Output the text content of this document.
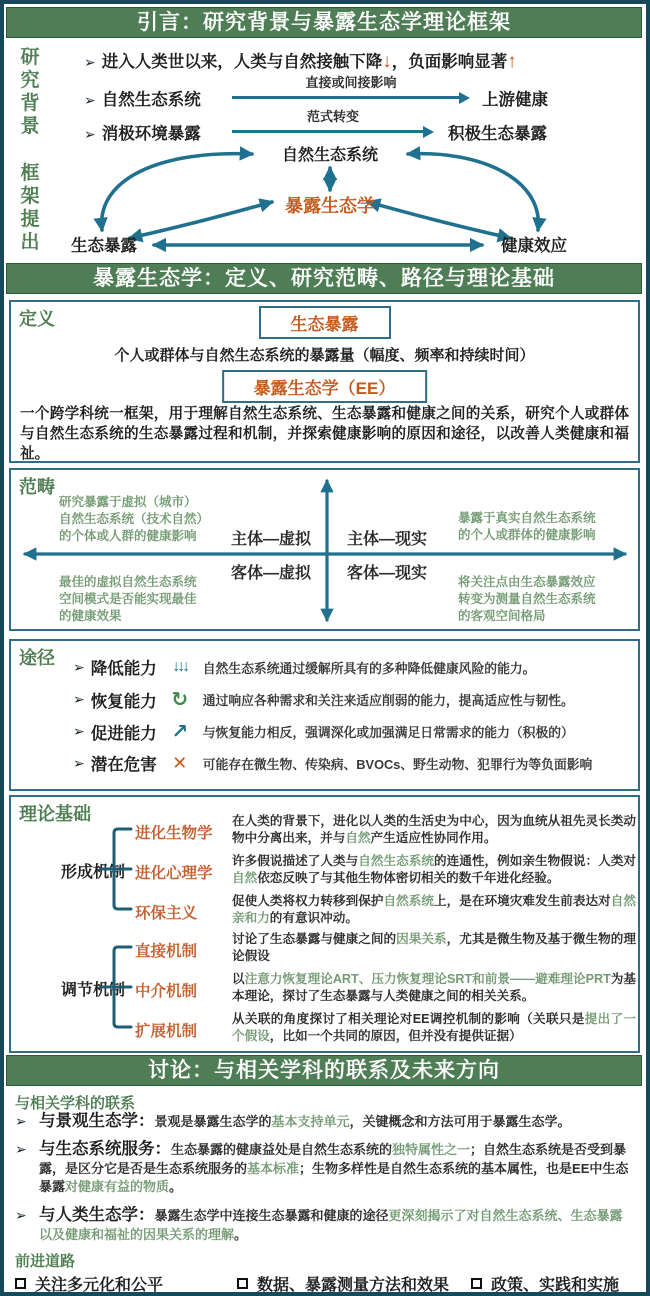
引言：研究背景与暴露生态学理论框架
研究背景
➢ 进入人类世以来，人类与自然接触下降↓，负面影响显著↑
➢ 自然生态系统
直接或间接影响
上游健康
➢ 消极环境暴露
范式转变
积极生态暴露
框架提出
自然生态系统
暴露生态学
生态暴露	健康效应
暴露生态学：定义、研究范畴、路径与理论基础
定义	生态暴露
个人或群体与自然生态系统的暴露量（幅度、频率和持续时间）
暴露生态学（EE）
一个跨学科统一框架，用于理解自然生态系统、生态暴露和健康之间的关系，研究个人或群体与自然生态系统的生态暴露过程和机制，并探索健康影响的原因和途径，以改善人类健康和福祉。
范畴
主体—虚拟 主体—现实
客体—虚拟 客体—现实
研究暴露于虚拟（城市）
自然生态系统（技术自然）
的个体或人群的健康影响
暴露于真实自然生态系统
的个人或群体的健康影响
最佳的虚拟自然生态系统
空间模式是否能实现最佳
的健康效果
将关注点由生态暴露效应
转变为测量自然生态系统
的客观空间格局
途径 ➢ 降低能力 ↓↓↓	自然生态系统通过缓解所具有的多种降低健康风险的能力。
➢ 恢复能力 ↻	通过响应各种需求和关注来适应削弱的能力，提高适应性与韧性。
➢ 促进能力 ↗	与恢复能力相反，强调深化或加强满足日常需求的能力（积极的）
➢ 潜在危害 ✕	可能存在微生物、传染病、BVOCs、野生动物、犯罪行为等负面影响
理论基础
形成机制
进化生物学
在人类的背景下，进化以人类的生活史为中心，因为血统从祖先灵长类动物中分离出来，并与自然产生适应性协同作用。
进化心理学
许多假说描述了人类与自然生态系统的连通性，例如亲生物假说：人类对自然依恋反映了与其他生物体密切相关的数千年进化经验。
环保主义
促使人类将权力转移到保护自然系统上，是在环境灾难发生前表达对自然亲和力的有意识冲动。
调节机制
直接机制
讨论了生态暴露与健康之间的因果关系，尤其是微生物及基于微生物的理论假设
中介机制
以注意力恢复理论ART、压力恢复理论SRT和前景——避难理论PRT为基本理论，探讨了生态暴露与人类健康之间的相关关系。
扩展机制
从关联的角度探讨了相关理论对EE调控机制的影响（关联只是提出了一个假设，比如一个共同的原因，但并没有提供证据）
讨论：与相关学科的联系及未来方向
与相关学科的联系
➢ 与景观生态学：景观是暴露生态学的基本支持单元，关键概念和方法可用于暴露生态学。
➢ 与生态系统服务：生态暴露的健康益处是自然生态系统的独特属性之一；自然生态系统是否受到暴露，是区分它是否是生态系统服务的基本标准；生物多样性是自然生态系统的基本属性，也是EE中生态暴露对健康有益的物质。
➢ 与人类生态学：暴露生态学中连接生态暴露和健康的途径更深刻揭示了对自然生态系统、生态暴露以及健康和福祉的因果关系的理解。
前进道路
关注多元化和公平	数据、暴露测量方法和效果	政策、实践和实施
